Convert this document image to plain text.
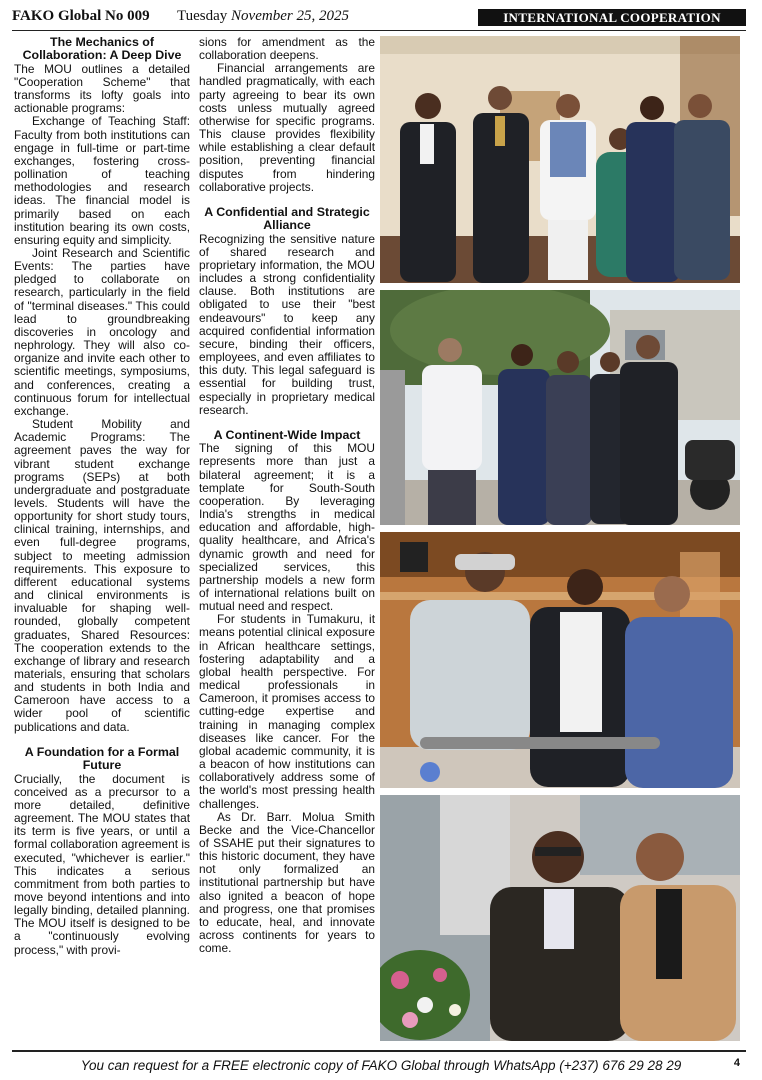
FAKO Global No 009 Tuesday November 25, 2025	INTERNATIONAL COOPERATION
The Mechanics of Collaboration: A Deep Dive

The MOU outlines a detailed "Cooperation Scheme" that transforms its lofty goals into actionable programs:

Exchange of Teaching Staff: Faculty from both institutions can engage in full-time or part-time exchanges, fostering cross-pollination of teaching methodologies and research ideas. The financial model is primarily based on each institution bearing its own costs, ensuring equity and simplicity.

Joint Research and Scientific Events: The parties have pledged to collaborate on research, particularly in the field of "terminal diseases." This could lead to groundbreaking discoveries in oncology and nephrology. They will also co-organize and invite each other to scientific meetings, symposiums, and conferences, creating a continuous forum for intellectual exchange.

Student Mobility and Academic Programs: The agreement paves the way for vibrant student exchange programs (SEPs) at both undergraduate and postgraduate levels. Students will have the opportunity for short study tours, clinical training, internships, and even full-degree programs, subject to meeting admission requirements. This exposure to different educational systems and clinical environments is invaluable for shaping well-rounded, globally competent graduates, Shared Resources: The cooperation extends to the exchange of library and research materials, ensuring that scholars and students in both India and Cameroon have access to a wider pool of scientific publications and data.

A Foundation for a Formal Future

Crucially, the document is conceived as a precursor to a more detailed, definitive agreement. The MOU states that its term is five years, or until a formal collaboration agreement is executed, "whichever is earlier." This indicates a serious commitment from both parties to move beyond intentions and into legally binding, detailed planning. The MOU itself is designed to be a "continuously evolving process," with provi-

sions for amendment as the collaboration deepens.

Financial arrangements are handled pragmatically, with each party agreeing to bear its own costs unless mutually agreed otherwise for specific programs. This clause provides flexibility while establishing a clear default position, preventing financial disputes from hindering collaborative projects.

A Confidential and Strategic Alliance

Recognizing the sensitive nature of shared research and proprietary information, the MOU includes a strong confidentiality clause. Both institutions are obligated to use their "best endeavours" to keep any acquired confidential information secure, binding their officers, employees, and even affiliates to this duty. This legal safeguard is essential for building trust, especially in proprietary medical research.

A Continent-Wide Impact

The signing of this MOU represents more than just a bilateral agreement; it is a template for South-South cooperation. By leveraging India's strengths in medical education and affordable, high-quality healthcare, and Africa's dynamic growth and need for specialized services, this partnership models a new form of international relations built on mutual need and respect.

For students in Tumakuru, it means potential clinical exposure in African healthcare settings, fostering adaptability and a global health perspective. For medical professionals in Cameroon, it promises access to cutting-edge expertise and training in managing complex diseases like cancer. For the global academic community, it is a beacon of how institutions can collaboratively address some of the world's most pressing health challenges.

As Dr. Barr. Molua Smith Becke and the Vice-Chancellor of SSAHE put their signatures to this historic document, they have not only formalized an institutional partnership but have also ignited a beacon of hope and progress, one that promises to educate, heal, and innovate across continents for years to come.

You can request for a FREE electronic copy of FAKO Global through WhatsApp (+237) 676 29 28 29	4
